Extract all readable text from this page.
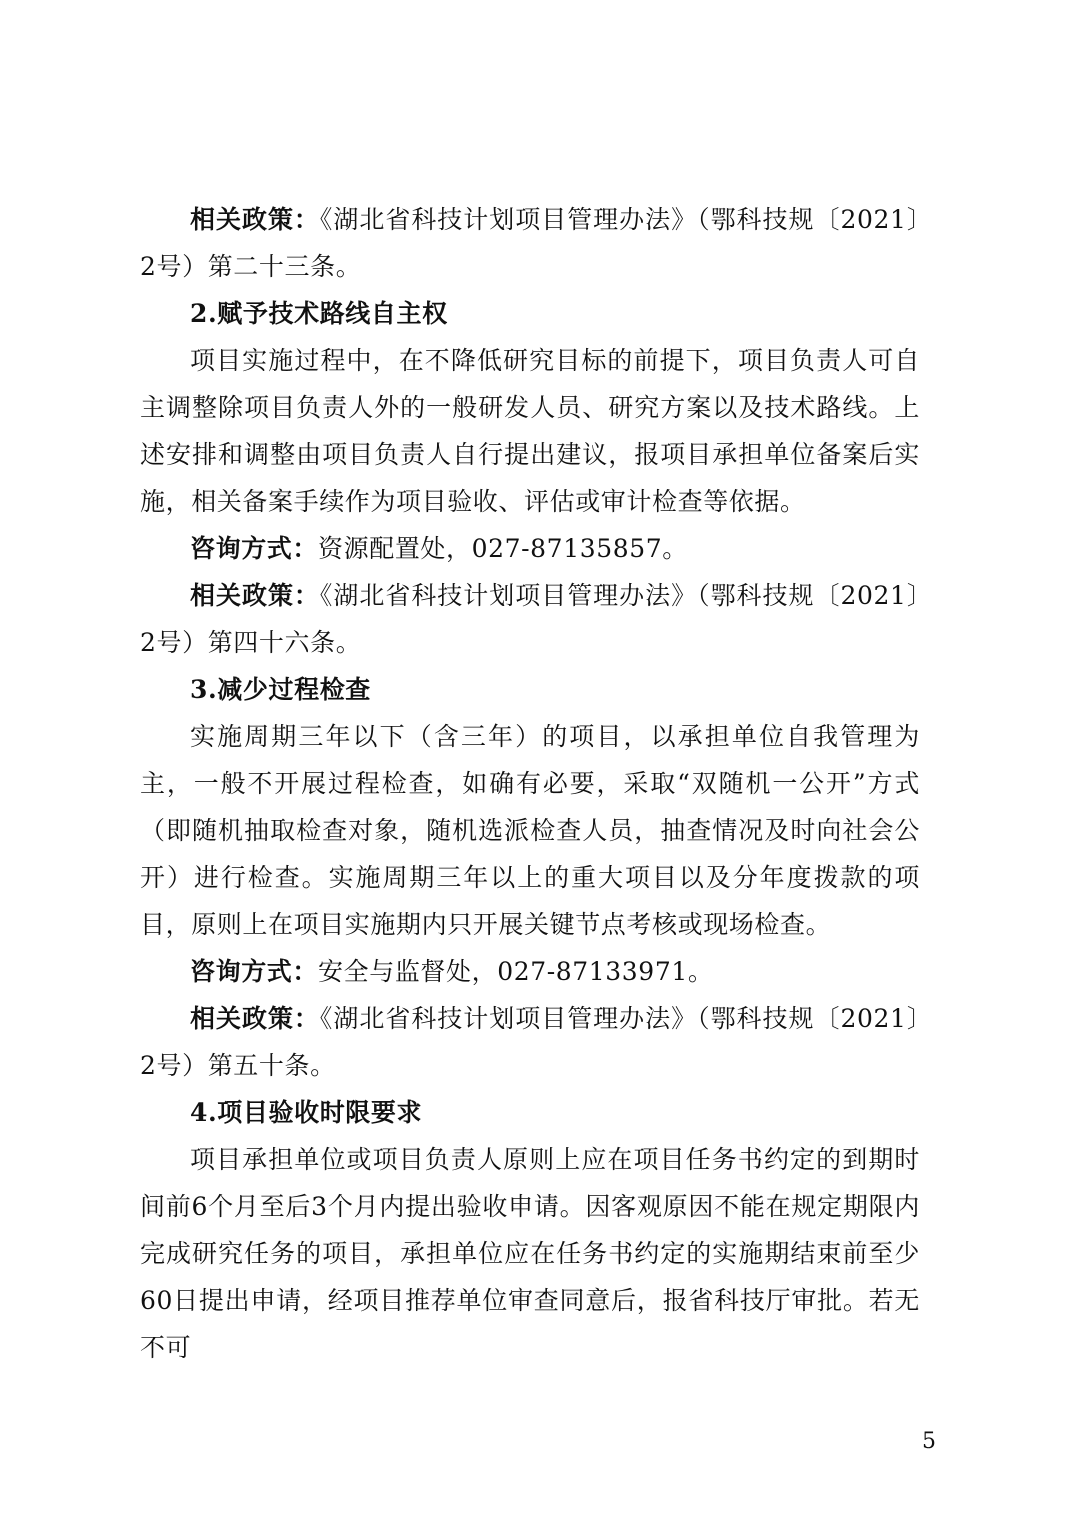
相关政策：《湖北省科技计划项目管理办法》（鄂科技规〔2021〕2号）第二十三条。

2.赋予技术路线自主权

项目实施过程中，在不降低研究目标的前提下，项目负责人可自主调整除项目负责人外的一般研发人员、研究方案以及技术路线。上述安排和调整由项目负责人自行提出建议，报项目承担单位备案后实施，相关备案手续作为项目验收、评估或审计检查等依据。

咨询方式：资源配置处，027-87135857。

相关政策：《湖北省科技计划项目管理办法》（鄂科技规〔2021〕2号）第四十六条。

3.减少过程检查

实施周期三年以下（含三年）的项目，以承担单位自我管理为主，一般不开展过程检查，如确有必要，采取“双随机一公开”方式（即随机抽取检查对象，随机选派检查人员，抽查情况及时向社会公开）进行检查。实施周期三年以上的重大项目以及分年度拨款的项目，原则上在项目实施期内只开展关键节点考核或现场检查。

咨询方式：安全与监督处，027-87133971。

相关政策：《湖北省科技计划项目管理办法》（鄂科技规〔2021〕2号）第五十条。

4.项目验收时限要求

项目承担单位或项目负责人原则上应在项目任务书约定的到期时间前6个月至后3个月内提出验收申请。因客观原因不能在规定期限内完成研究任务的项目，承担单位应在任务书约定的实施期结束前至少60日提出申请，经项目推荐单位审查同意后，报省科技厅审批。若无不可

5
